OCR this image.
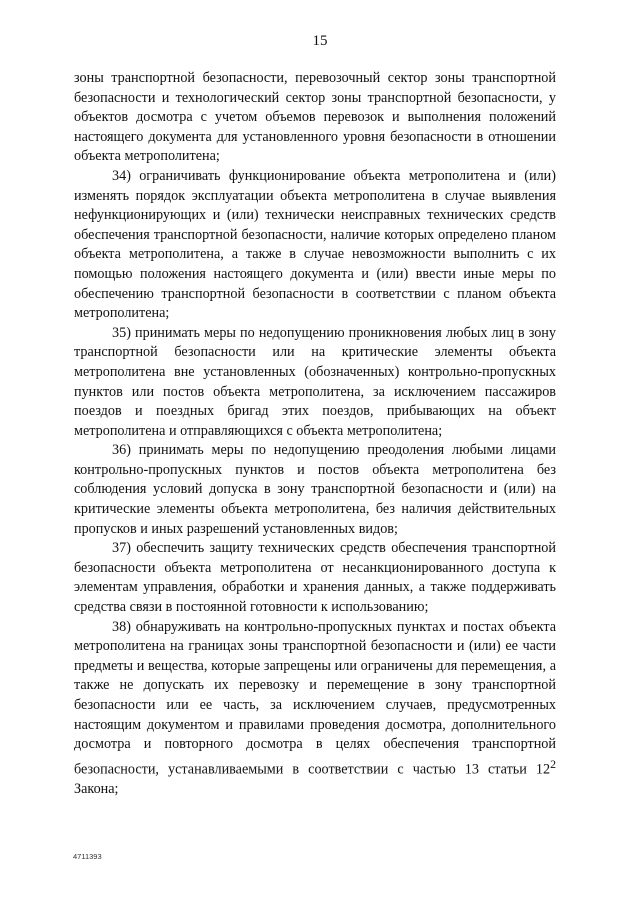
15

зоны транспортной безопасности, перевозочный сектор зоны транспортной безопасности и технологический сектор зоны транспортной безопасности, у объектов досмотра с учетом объемов перевозок и выполнения положений настоящего документа для установленного уровня безопасности в отношении объекта метрополитена;

34) ограничивать функционирование объекта метрополитена и (или) изменять порядок эксплуатации объекта метрополитена в случае выявления нефункционирующих и (или) технически неисправных технических средств обеспечения транспортной безопасности, наличие которых определено планом объекта метрополитена, а также в случае невозможности выполнить с их помощью положения настоящего документа и (или) ввести иные меры по обеспечению транспортной безопасности в соответствии с планом объекта метрополитена;

35) принимать меры по недопущению проникновения любых лиц в зону транспортной безопасности или на критические элементы объекта метрополитена вне установленных (обозначенных) контрольно-пропускных пунктов или постов объекта метрополитена, за исключением пассажиров поездов и поездных бригад этих поездов, прибывающих на объект метрополитена и отправляющихся с объекта метрополитена;

36) принимать меры по недопущению преодоления любыми лицами контрольно-пропускных пунктов и постов объекта метрополитена без соблюдения условий допуска в зону транспортной безопасности и (или) на критические элементы объекта метрополитена, без наличия действительных пропусков и иных разрешений установленных видов;

37) обеспечить защиту технических средств обеспечения транспортной безопасности объекта метрополитена от несанкционированного доступа к элементам управления, обработки и хранения данных, а также поддерживать средства связи в постоянной готовности к использованию;

38) обнаруживать на контрольно-пропускных пунктах и постах объекта метрополитена на границах зоны транспортной безопасности и (или) ее части предметы и вещества, которые запрещены или ограничены для перемещения, а также не допускать их перевозку и перемещение в зону транспортной безопасности или ее часть, за исключением случаев, предусмотренных настоящим документом и правилами проведения досмотра, дополнительного досмотра и повторного досмотра в целях обеспечения транспортной безопасности, устанавливаемыми в соответствии с частью 13 статьи $12^2$ Закона;

4711393
